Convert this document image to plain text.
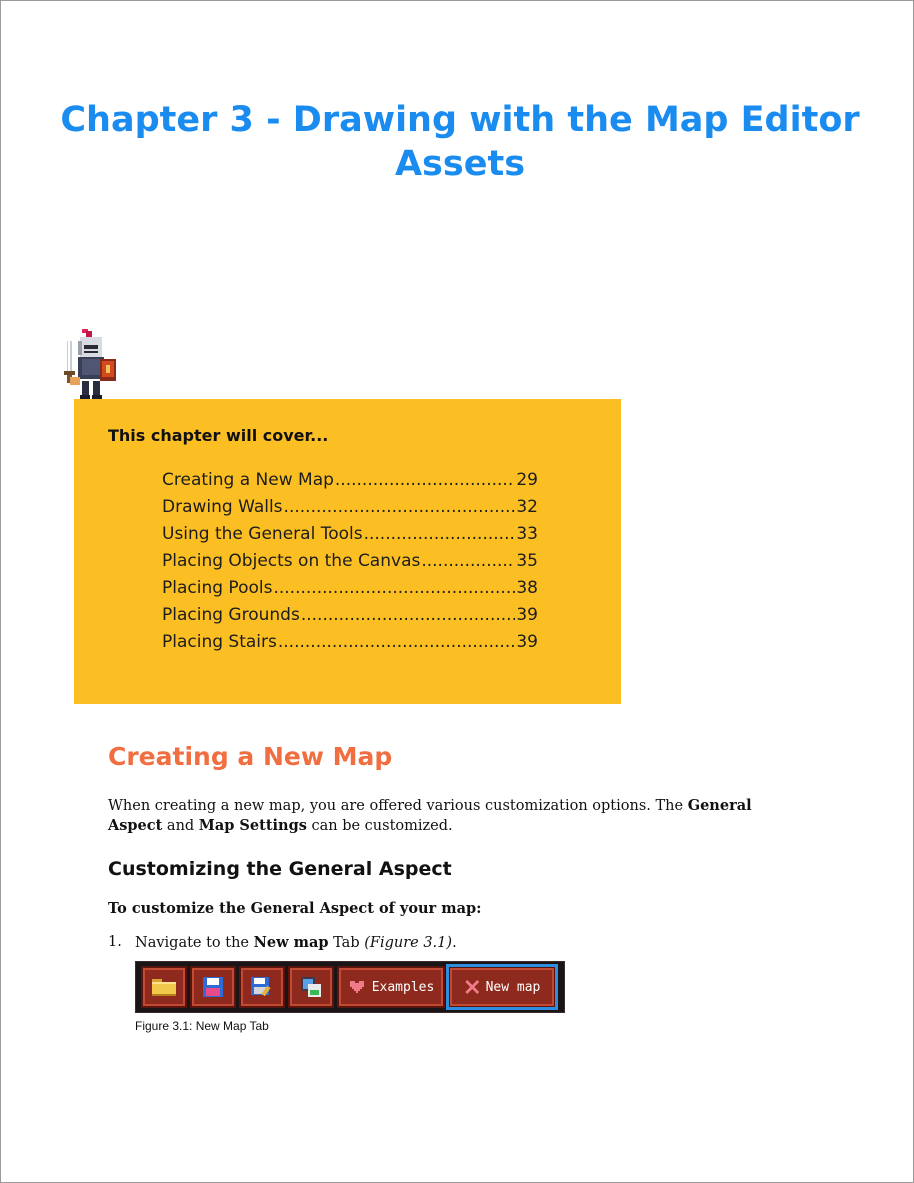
Chapter 3 - Drawing with the Map Editor
Assets
This chapter will cover...
Creating a New Map .....	29
Drawing Walls .....	32
Using the General Tools .....	33
Placing Objects on the Canvas .....	35
Placing Pools .....	38
Placing Grounds .....	39
Placing Stairs .....	39
Creating a New Map

When creating a new map, you are offered various customization options. The General Aspect and Map Settings can be customized.

Customizing the General Aspect

To customize the General Aspect of your map:

1. Navigate to the New map Tab (Figure 3.1).
Examples	New map

Figure 3.1: New Map Tab
